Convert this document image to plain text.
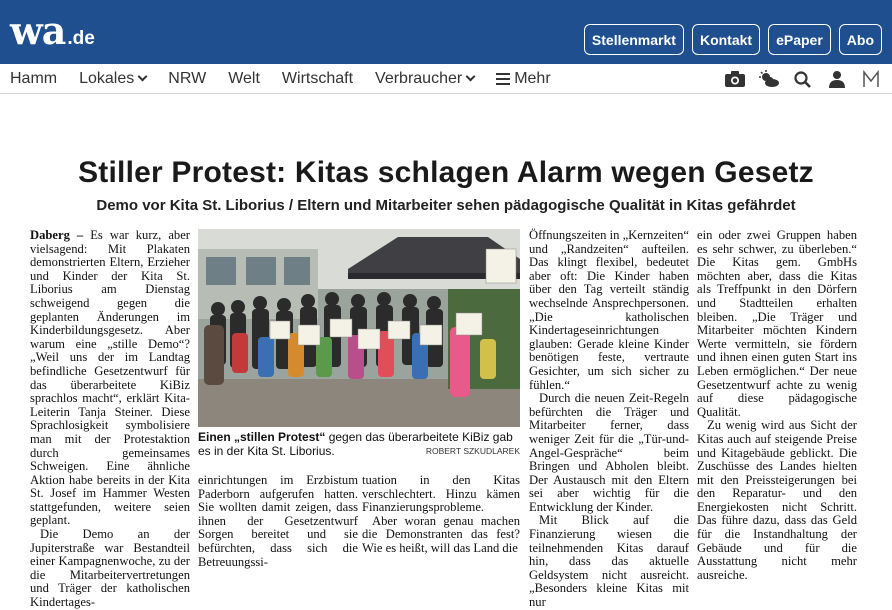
wa .de	Stellenmarkt	Kontakt	ePaper	Abo
Hamm Lokales NRW Welt Wirtschaft Verbraucher	Mehr
Stiller Protest: Kitas schlagen Alarm wegen Gesetz
Demo vor Kita St. Liborius / Eltern und Mitarbeiter sehen pädagogische Qualität in Kitas gefährdet

Daberg – Es war kurz, aber vielsagend: Mit Plakaten demonstrierten Eltern, Erzieher und Kinder der Kita St. Liborius am Dienstag schweigend gegen die geplanten Änderungen im Kinderbildungsgesetz. Aber warum eine „stille Demo“? „Weil uns der im Landtag befindliche Gesetzentwurf für das überarbeitete KiBiz sprachlos macht“, erklärt Kita-Leiterin Tanja Steiner. Diese Sprachlosigkeit symbolisiere man mit der Protestaktion durch gemeinsames Schweigen. Eine ähnliche Aktion habe bereits in der Kita St. Josef im Hammer Westen stattgefunden, weitere seien geplant.

Die Demo an der Jupiterstraße war Bestandteil einer Kampagnenwoche, zu der die Mitarbeitervertretungen und Träger der katholischen Kindertages-

Einen „stillen Protest“ gegen das überarbeitete KiBiz gab es in der Kita St. Liborius.	ROBERT SZKUDLAREK

einrichtungen im Erzbistum Paderborn aufgerufen hatten. Sie wollten damit zeigen, dass ihnen der Gesetzentwurf Sorgen bereitet und sie befürchten, dass sich die Betreuungssi-

tuation in den Kitas verschlechtert. Hinzu kämen Finanzierungsprobleme.

Aber woran genau machen die Demonstranten das fest? Wie es heißt, will das Land die

Öffnungszeiten in „Kernzeiten“ und „Randzeiten“ aufteilen. Das klingt flexibel, bedeutet aber oft: Die Kinder haben über den Tag verteilt ständig wechselnde Ansprechpersonen. „Die katholischen Kindertageseinrichtungen glauben: Gerade kleine Kinder benötigen feste, vertraute Gesichter, um sich sicher zu fühlen.“

Durch die neuen Zeit-Regeln befürchten die Träger und Mitarbeiter ferner, dass weniger Zeit für die „Tür-und-Angel-Gespräche“ beim Bringen und Abholen bleibt. Der Austausch mit den Eltern sei aber wichtig für die Entwicklung der Kinder.

Mit Blick auf die Finanzierung wiesen die teilnehmenden Kitas darauf hin, dass das aktuelle Geldsystem nicht ausreicht. „Besonders kleine Kitas mit nur

ein oder zwei Gruppen haben es sehr schwer, zu überleben.“ Die Kitas gem. GmbHs möchten aber, dass die Kitas als Treffpunkt in den Dörfern und Stadtteilen erhalten bleiben. „Die Träger und Mitarbeiter möchten Kindern Werte vermitteln, sie fördern und ihnen einen guten Start ins Leben ermöglichen.“ Der neue Gesetzentwurf achte zu wenig auf diese pädagogische Qualität.

Zu wenig wird aus Sicht der Kitas auch auf steigende Preise und Kitagebäude geblickt. Die Zuschüsse des Landes hielten mit den Preissteigerungen bei den Reparatur- und den Energiekosten nicht Schritt. Das führe dazu, dass das Geld für die Instandhaltung der Gebäude und für die Ausstattung nicht mehr ausreiche.
